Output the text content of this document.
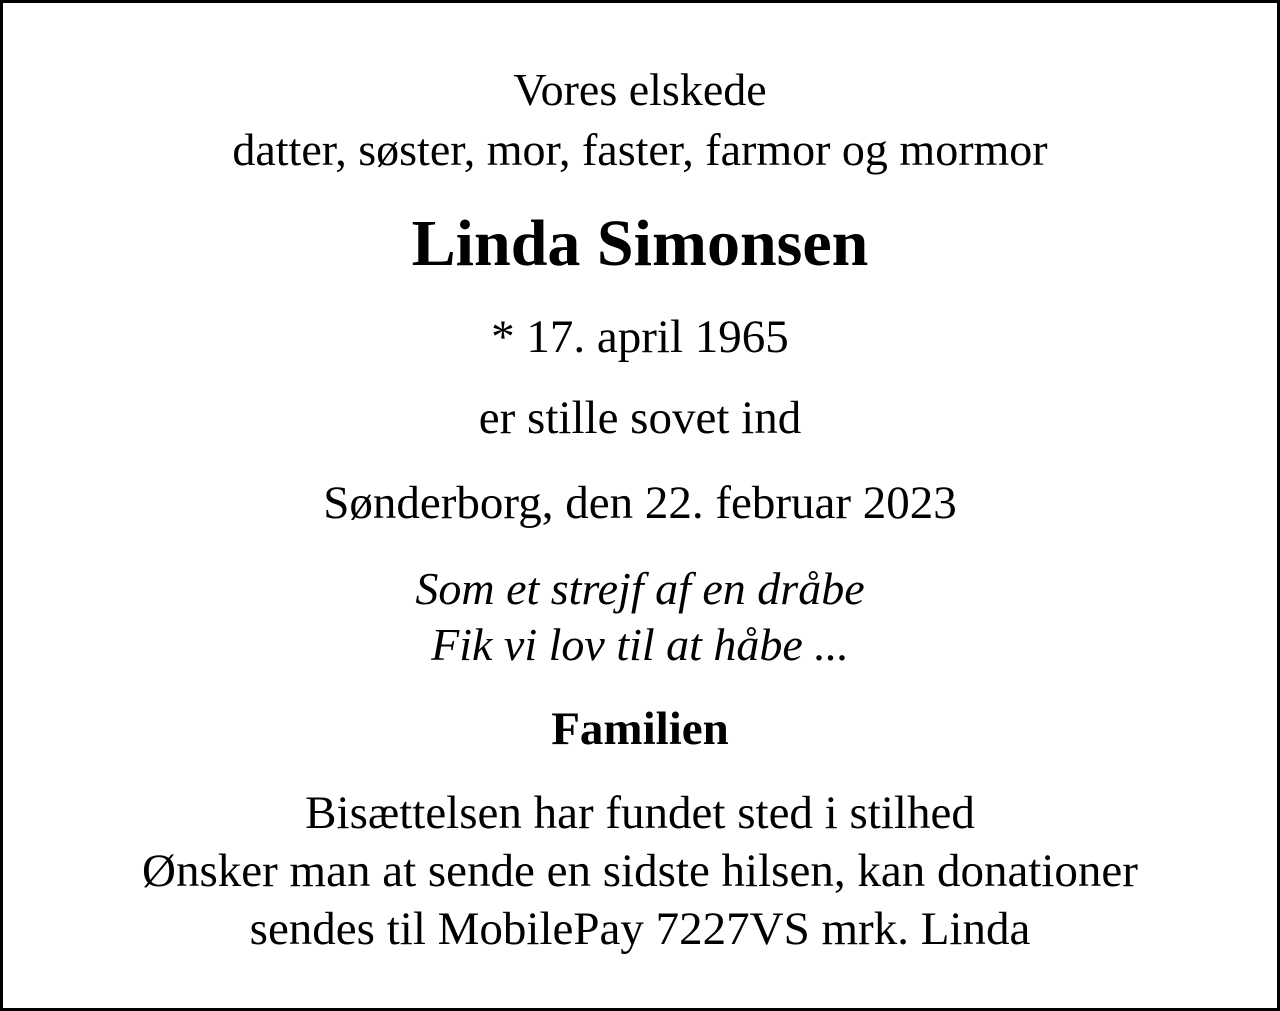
Vores elskede
datter, søster, mor, faster, farmor og mormor
Linda Simonsen
* 17. april 1965
er stille sovet ind
Sønderborg, den 22. februar 2023
Som et strejf af en dråbe
Fik vi lov til at håbe ...
Familien
Bisættelsen har fundet sted i stilhed
Ønsker man at sende en sidste hilsen, kan donationer
sendes til MobilePay 7227VS mrk. Linda
